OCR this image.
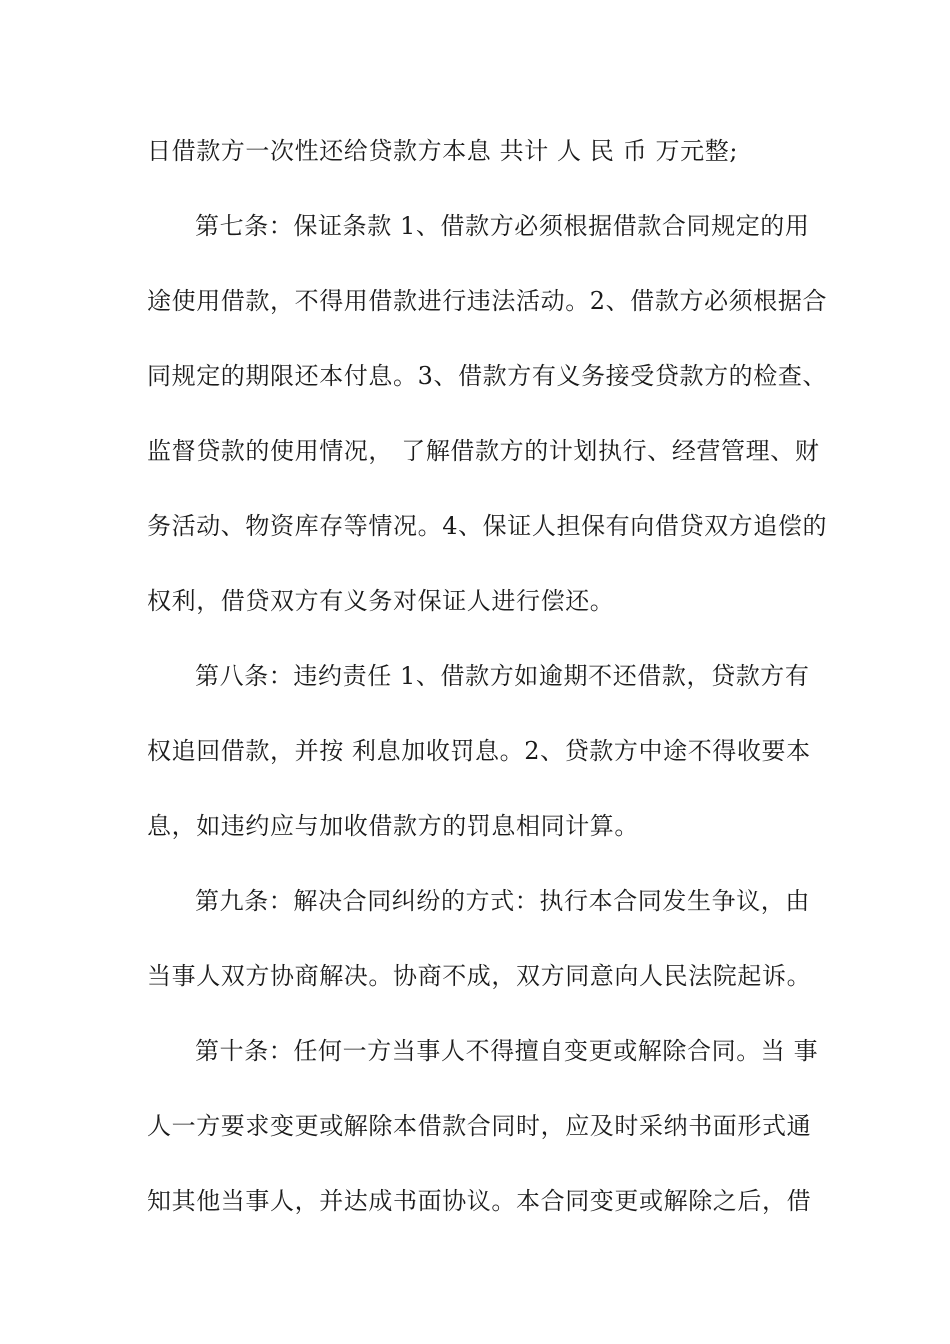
日借款方一次性还给贷款方本息 共计 人 民 币 万元整;
第七条：保证条款 1、借款方必须根据借款合同规定的用
途使用借款，不得用借款进行违法活动。2、借款方必须根据合
同规定的期限还本付息。3、借款方有义务接受贷款方的检查、
监督贷款的使用情况， 了解借款方的计划执行、经营管理、财
务活动、物资库存等情况。4、保证人担保有向借贷双方追偿的
权利，借贷双方有义务对保证人进行偿还。
第八条：违约责任 1、借款方如逾期不还借款，贷款方有
权追回借款，并按 利息加收罚息。2、贷款方中途不得收要本
息，如违约应与加收借款方的罚息相同计算。
第九条：解决合同纠纷的方式：执行本合同发生争议，由
当事人双方协商解决。协商不成，双方同意向人民法院起诉。
第十条：任何一方当事人不得擅自变更或解除合同。当 事
人一方要求变更或解除本借款合同时，应及时采纳书面形式通
知其他当事人，并达成书面协议。本合同变更或解除之后，借
